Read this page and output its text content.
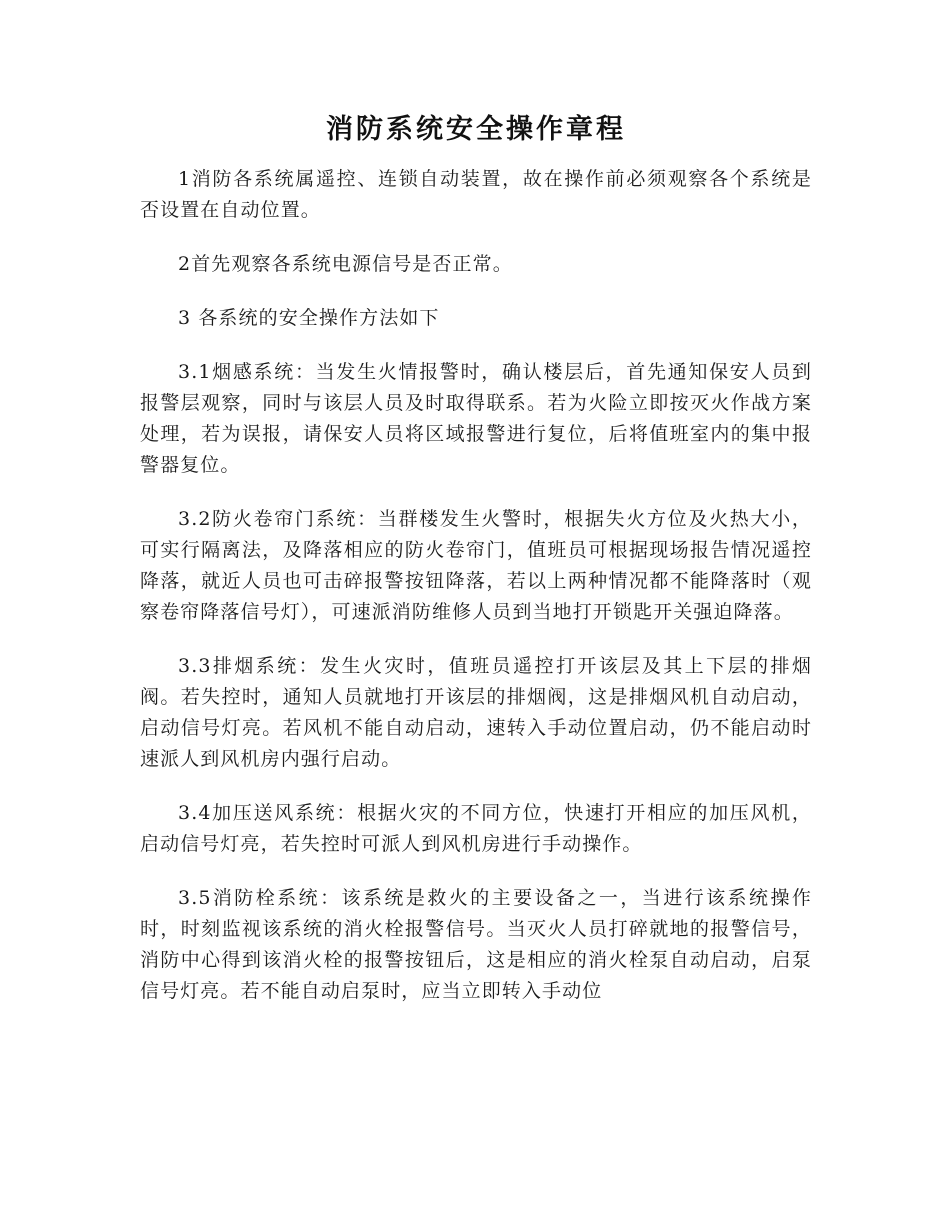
消防系统安全操作章程

1消防各系统属遥控、连锁自动装置，故在操作前必须观察各个系统是否设置在自动位置。

2首先观察各系统电源信号是否正常。

3 各系统的安全操作方法如下

3.1烟感系统：当发生火情报警时，确认楼层后，首先通知保安人员到报警层观察，同时与该层人员及时取得联系。若为火险立即按灭火作战方案处理，若为误报，请保安人员将区域报警进行复位，后将值班室内的集中报警器复位。

3.2防火卷帘门系统：当群楼发生火警时，根据失火方位及火热大小，可实行隔离法，及降落相应的防火卷帘门，值班员可根据现场报告情况遥控降落，就近人员也可击碎报警按钮降落，若以上两种情况都不能降落时（观察卷帘降落信号灯），可速派消防维修人员到当地打开锁匙开关强迫降落。

3.3排烟系统：发生火灾时，值班员遥控打开该层及其上下层的排烟阀。若失控时，通知人员就地打开该层的排烟阀，这是排烟风机自动启动，启动信号灯亮。若风机不能自动启动，速转入手动位置启动，仍不能启动时速派人到风机房内强行启动。

3.4加压送风系统：根据火灾的不同方位，快速打开相应的加压风机，启动信号灯亮，若失控时可派人到风机房进行手动操作。

3.5消防栓系统：该系统是救火的主要设备之一，当进行该系统操作时，时刻监视该系统的消火栓报警信号。当灭火人员打碎就地的报警信号，消防中心得到该消火栓的报警按钮后，这是相应的消火栓泵自动启动，启泵信号灯亮。若不能自动启泵时，应当立即转入手动位
